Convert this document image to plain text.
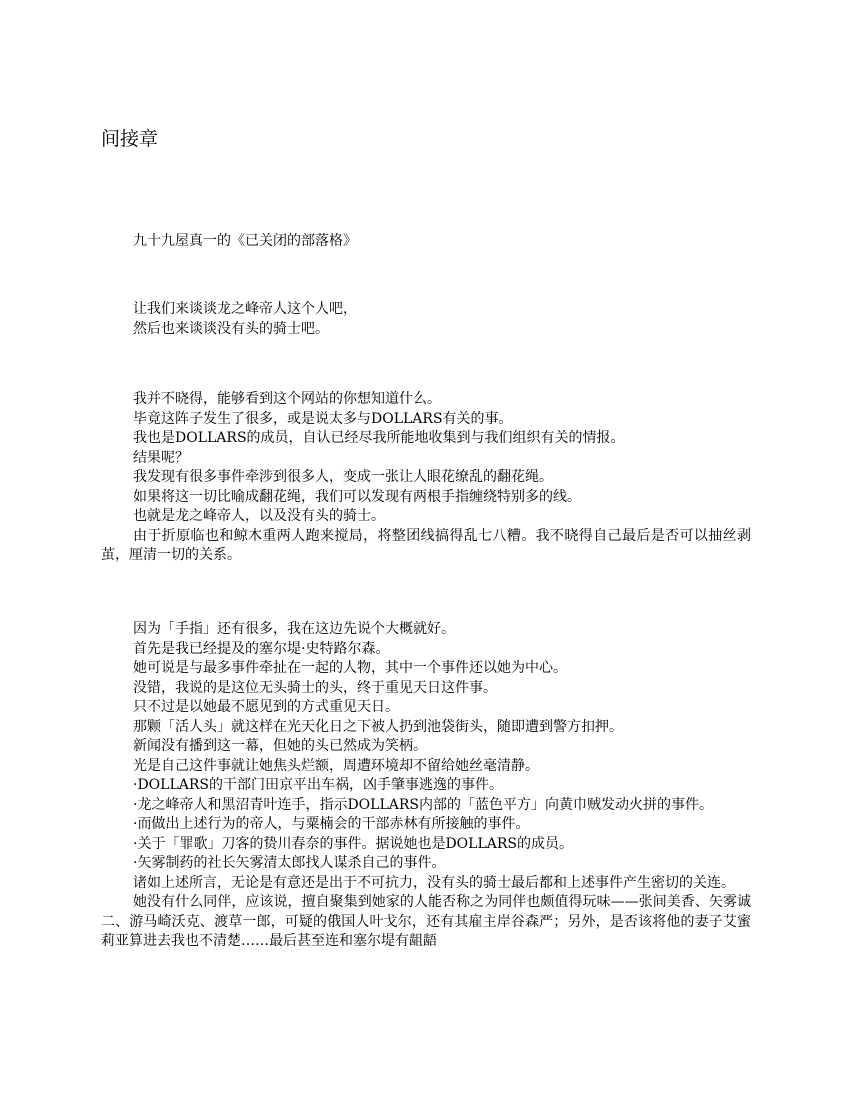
间接章

九十九屋真一的《已关闭的部落格》

让我们来谈谈龙之峰帝人这个人吧，

然后也来谈谈没有头的骑士吧。

我并不晓得，能够看到这个网站的你想知道什么。

毕竟这阵子发生了很多，或是说太多与DOLLARS有关的事。

我也是DOLLARS的成员，自认已经尽我所能地收集到与我们组织有关的情报。

结果呢？

我发现有很多事件牵涉到很多人，变成一张让人眼花缭乱的翻花绳。

如果将这一切比喻成翻花绳，我们可以发现有两根手指缠绕特别多的线。

也就是龙之峰帝人，以及没有头的骑士。

由于折原临也和鲸木重两人跑来搅局，将整团线搞得乱七八糟。我不晓得自己最后是否可以抽丝剥茧，厘清一切的关系。

因为「手指」还有很多，我在这边先说个大概就好。

首先是我已经提及的塞尔堤·史特路尔森。

她可说是与最多事件牵扯在一起的人物，其中一个事件还以她为中心。

没错，我说的是这位无头骑士的头，终于重见天日这件事。

只不过是以她最不愿见到的方式重见天日。

那颗「活人头」就这样在光天化日之下被人扔到池袋街头，随即遭到警方扣押。

新闻没有播到这一幕，但她的头已然成为笑柄。

光是自己这件事就让她焦头烂额，周遭环境却不留给她丝毫清静。

·DOLLARS的干部门田京平出车祸，凶手肇事逃逸的事件。

·龙之峰帝人和黑沼青叶连手，指示DOLLARS内部的「蓝色平方」向黄巾贼发动火拼的事件。

·而做出上述行为的帝人，与粟楠会的干部赤林有所接触的事件。

·关于「罪歌」刀客的贽川春奈的事件。据说她也是DOLLARS的成员。

·矢雾制药的社长矢雾清太郎找人谋杀自己的事件。

诸如上述所言，无论是有意还是出于不可抗力，没有头的骑士最后都和上述事件产生密切的关连。

她没有什么同伴，应该说，擅自聚集到她家的人能否称之为同伴也颇值得玩味——张间美香、矢雾诚二、游马崎沃克、渡草一郎，可疑的俄国人叶戈尔，还有其雇主岸谷森严；另外，是否该将他的妻子艾蜜莉亚算进去我也不清楚……最后甚至连和塞尔堤有龃龉
